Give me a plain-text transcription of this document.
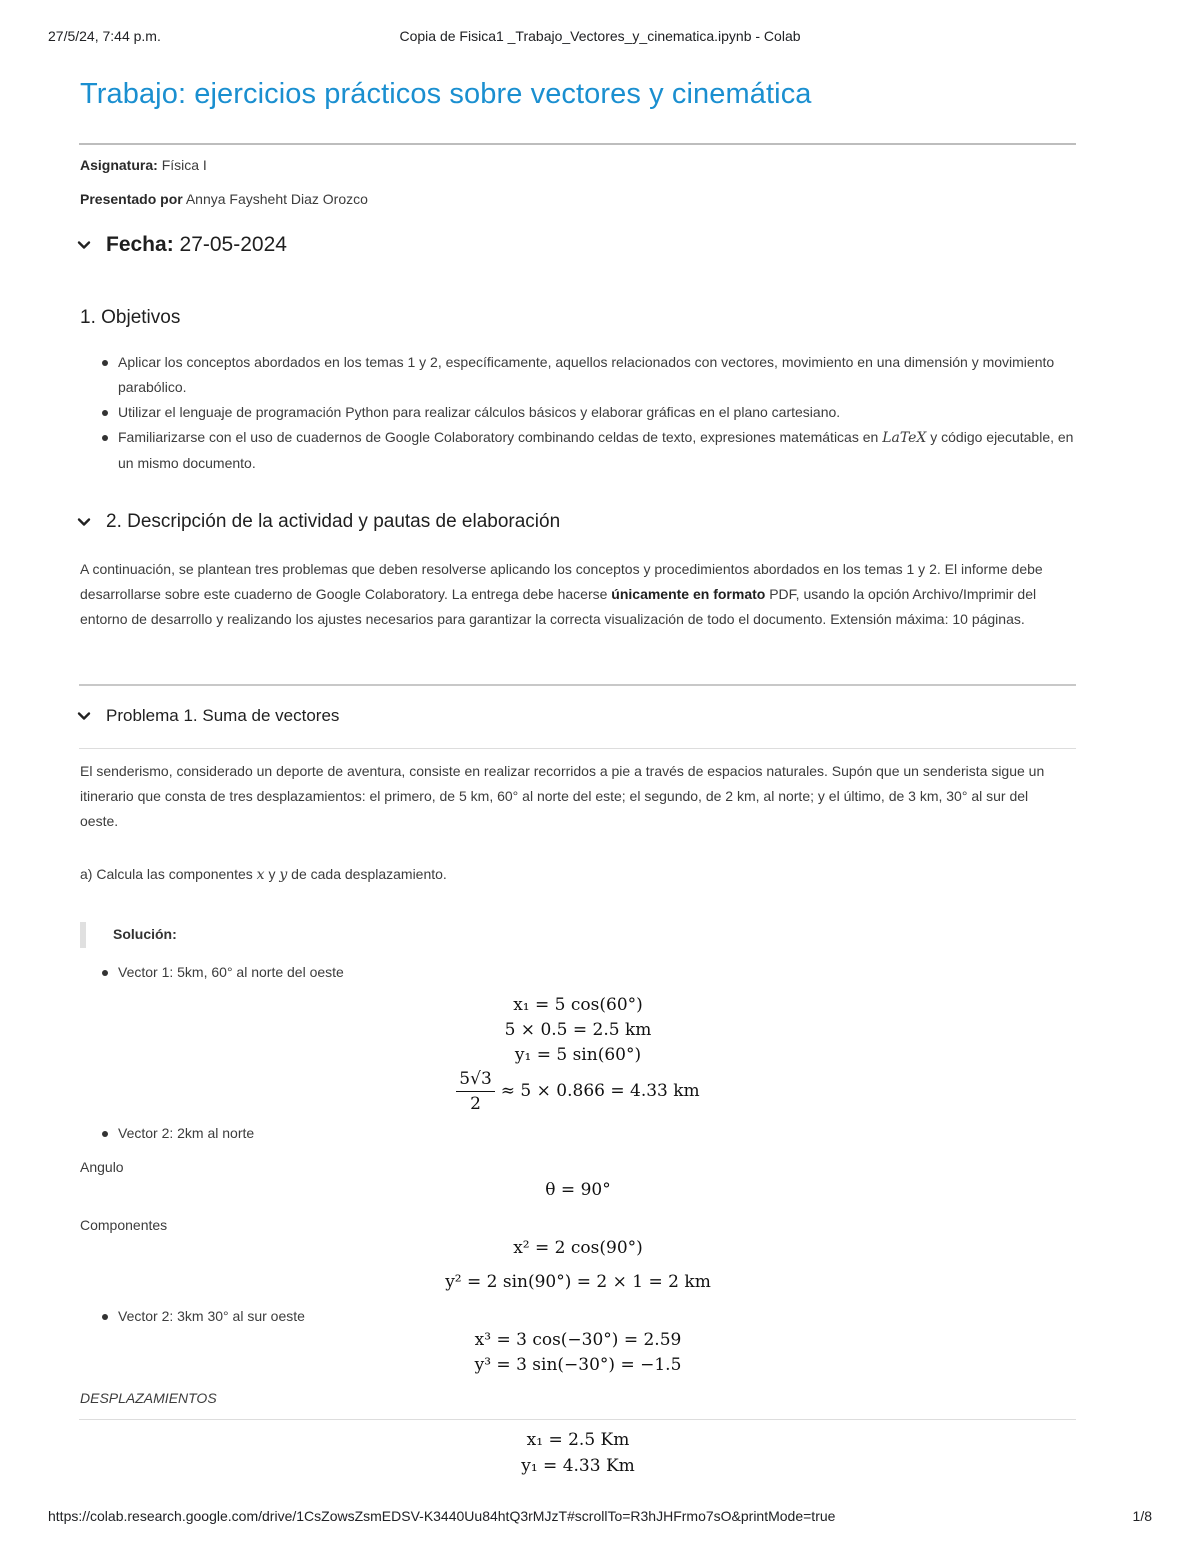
27/5/24, 7:44 p.m.	Copia de Fisica1 _Trabajo_Vectores_y_cinematica.ipynb - Colab
Trabajo: ejercicios prácticos sobre vectores y cinemática
Asignatura: Física I
Presentado por Annya Faysheht Diaz Orozco
Fecha: 27-05-2024
1. Objetivos
Aplicar los conceptos abordados en los temas 1 y 2, específicamente, aquellos relacionados con vectores, movimiento en una dimensión y movimiento parabólico.
Utilizar el lenguaje de programación Python para realizar cálculos básicos y elaborar gráficas en el plano cartesiano.
Familiarizarse con el uso de cuadernos de Google Colaboratory combinando celdas de texto, expresiones matemáticas en LaTeX y código ejecutable, en un mismo documento.
2. Descripción de la actividad y pautas de elaboración
A continuación, se plantean tres problemas que deben resolverse aplicando los conceptos y procedimientos abordados en los temas 1 y 2. El informe debe desarrollarse sobre este cuaderno de Google Colaboratory. La entrega debe hacerse únicamente en formato PDF, usando la opción Archivo/Imprimir del entorno de desarrollo y realizando los ajustes necesarios para garantizar la correcta visualización de todo el documento. Extensión máxima: 10 páginas.
Problema 1. Suma de vectores
El senderismo, considerado un deporte de aventura, consiste en realizar recorridos a pie a través de espacios naturales. Supón que un senderista sigue un itinerario que consta de tres desplazamientos: el primero, de 5 km, 60° al norte del este; el segundo, de 2 km, al norte; y el último, de 3 km, 30° al sur del oeste.
a) Calcula las componentes x y y de cada desplazamiento.
Solución:
Vector 1: 5km, 60° al norte del oeste
x₁ = 5 cos(60°)
5 × 0.5 = 2.5 km
y₁ = 5 sin(60°)
$\frac{5√3}{2} \approx 5 \times 0.866 = 4.33$ km
Vector 2: 2km al norte
Angulo
θ = 90°
Componentes
x² = 2 cos(90°)
y² = 2 sin(90°) = 2 × 1 = 2 km
Vector 2: 3km 30° al sur oeste
x³ = 3 cos(−30°) = 2.59
y³ = 3 sin(−30°) = −1.5
DESPLAZAMIENTOS
x₁ = 2.5 Km
y₁ = 4.33 Km
https://colab.research.google.com/drive/1CsZowsZsmEDSV-K3440Uu84htQ3rMJzT#scrollTo=R3hJHFrmo7sO&printMode=true	1/8
